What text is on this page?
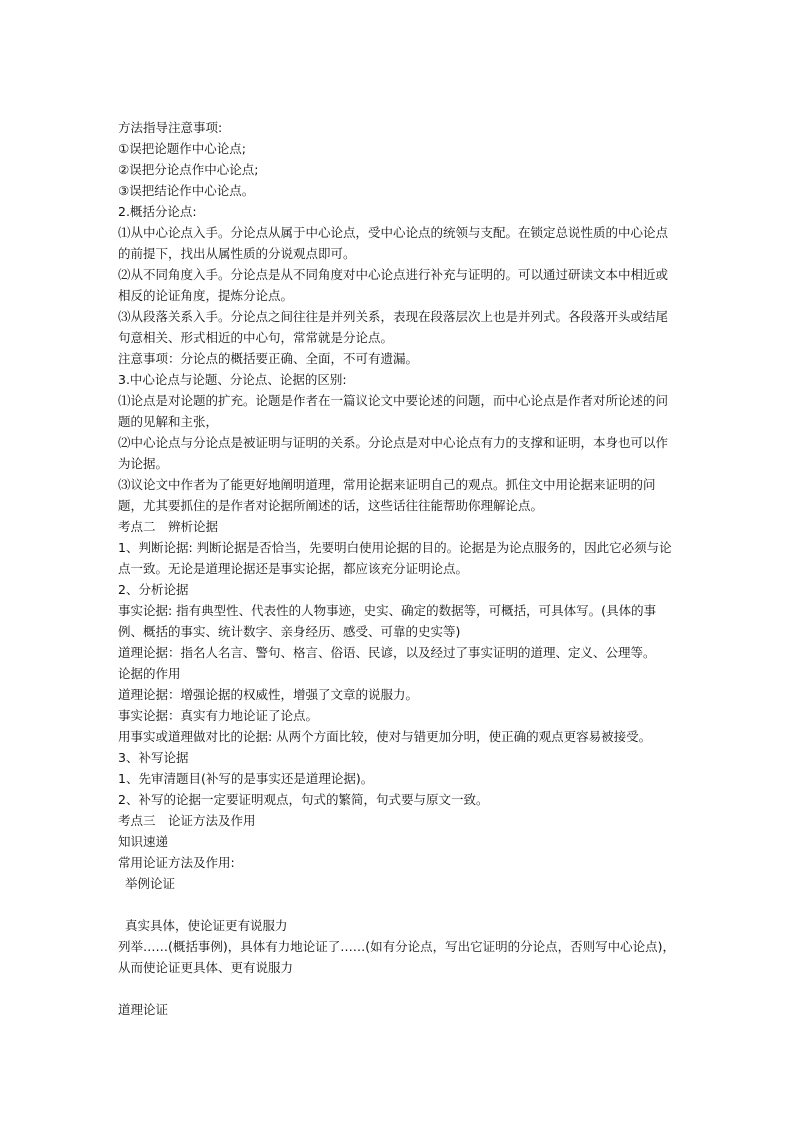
方法指导注意事项:
①误把论题作中心论点;
②误把分论点作中心论点;
③误把结论作中心论点。
2.概括分论点:
⑴从中心论点入手。分论点从属于中心论点，受中心论点的统领与支配。在锁定总说性质的中心论点的前提下，找出从属性质的分说观点即可。
⑵从不同角度入手。分论点是从不同角度对中心论点进行补充与证明的。可以通过研读文本中相近或相反的论证角度，提炼分论点。
⑶从段落关系入手。分论点之间往往是并列关系，表现在段落层次上也是并列式。各段落开头或结尾句意相关、形式相近的中心句，常常就是分论点。
注意事项：分论点的概括要正确、全面，不可有遗漏。
3.中心论点与论题、分论点、论据的区别:
⑴论点是对论题的扩充。论题是作者在一篇议论文中要论述的问题，而中心论点是作者对所论述的问题的见解和主张，
⑵中心论点与分论点是被证明与证明的关系。分论点是对中心论点有力的支撑和证明，本身也可以作为论据。
⑶议论文中作者为了能更好地阐明道理，常用论据来证明自己的观点。抓住文中用论据来证明的问题，尤其要抓住的是作者对论据所阐述的话，这些话往往能帮助你理解论点。
考点二　辨析论据
1、判断论据: 判断论据是否恰当，先要明白使用论据的目的。论据是为论点服务的，因此它必须与论点一致。无论是道理论据还是事实论据，都应该充分证明论点。
2、分析论据
事实论据: 指有典型性、代表性的人物事迹，史实、确定的数据等，可概括，可具体写。(具体的事例、概括的事实、统计数字、亲身经历、感受、可靠的史实等)
道理论据：指名人名言、警句、格言、俗语、民谚，以及经过了事实证明的道理、定义、公理等。
论据的作用
道理论据：增强论据的权威性，增强了文章的说服力。
事实论据：真实有力地论证了论点。
用事实或道理做对比的论据: 从两个方面比较，使对与错更加分明，使正确的观点更容易被接受。
3、补写论据
1、先审清题目(补写的是事实还是道理论据)。
2、补写的论据一定要证明观点，句式的繁简，句式要与原文一致。
考点三　论证方法及作用
知识速递
常用论证方法及作用:
举例论证
真实具体，使论证更有说服力
列举……(概括事例)，具体有力地论证了……(如有分论点，写出它证明的分论点，否则写中心论点)，从而使论证更具体、更有说服力
道理论证
